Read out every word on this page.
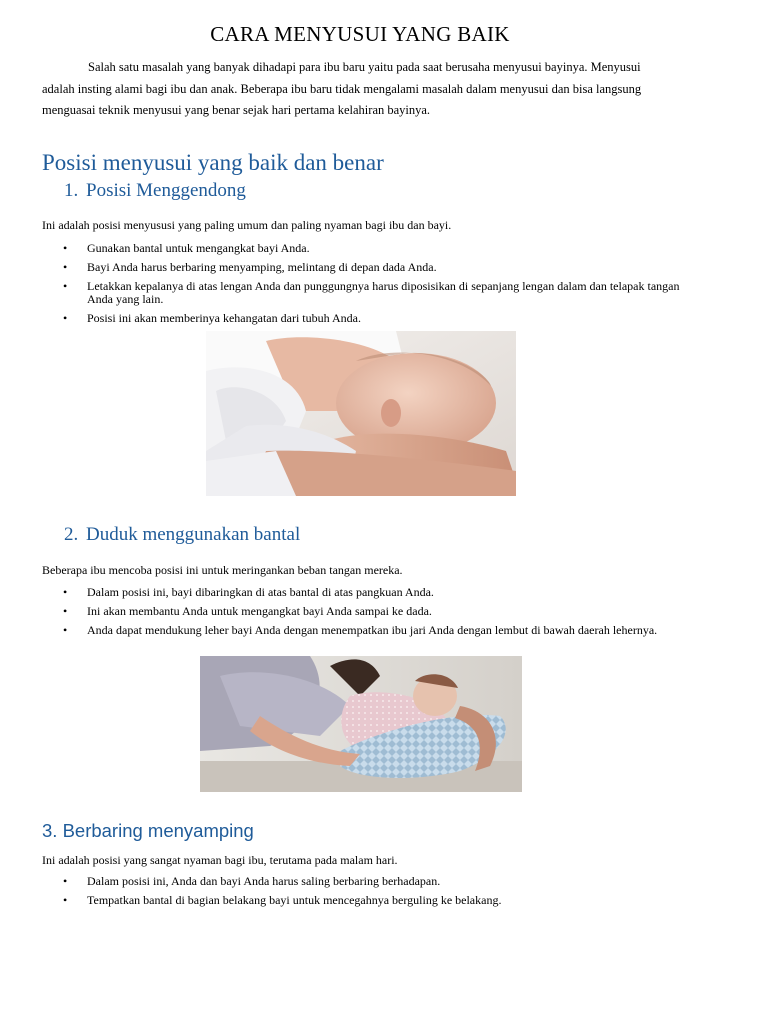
CARA MENYUSUI YANG BAIK
Salah satu masalah yang banyak dihadapi para ibu baru yaitu pada saat berusaha menyusui bayinya. Menyusui adalah insting alami bagi ibu dan anak. Beberapa ibu baru tidak mengalami masalah dalam menyusui dan bisa langsung menguasai teknik menyusui yang benar sejak hari pertama kelahiran bayinya.
Posisi menyusui yang baik dan benar
1. Posisi Menggendong
Ini adalah posisi menyususi yang paling umum dan paling nyaman bagi ibu dan bayi.
• Gunakan bantal untuk mengangkat bayi Anda.
• Bayi Anda harus berbaring menyamping, melintang di depan dada Anda.
• Letakkan kepalanya di atas lengan Anda dan punggungnya harus diposisikan di sepanjang lengan dalam dan telapak tangan Anda yang lain.
• Posisi ini akan memberinya kehangatan dari tubuh Anda.
2. Duduk menggunakan bantal
Beberapa ibu mencoba posisi ini untuk meringankan beban tangan mereka.
• Dalam posisi ini, bayi dibaringkan di atas bantal di atas pangkuan Anda.
• Ini akan membantu Anda untuk mengangkat bayi Anda sampai ke dada.
• Anda dapat mendukung leher bayi Anda dengan menempatkan ibu jari Anda dengan lembut di bawah daerah lehernya.
3. Berbaring menyamping
Ini adalah posisi yang sangat nyaman bagi ibu, terutama pada malam hari.
• Dalam posisi ini, Anda dan bayi Anda harus saling berbaring berhadapan.
• Tempatkan bantal di bagian belakang bayi untuk mencegahnya berguling ke belakang.
